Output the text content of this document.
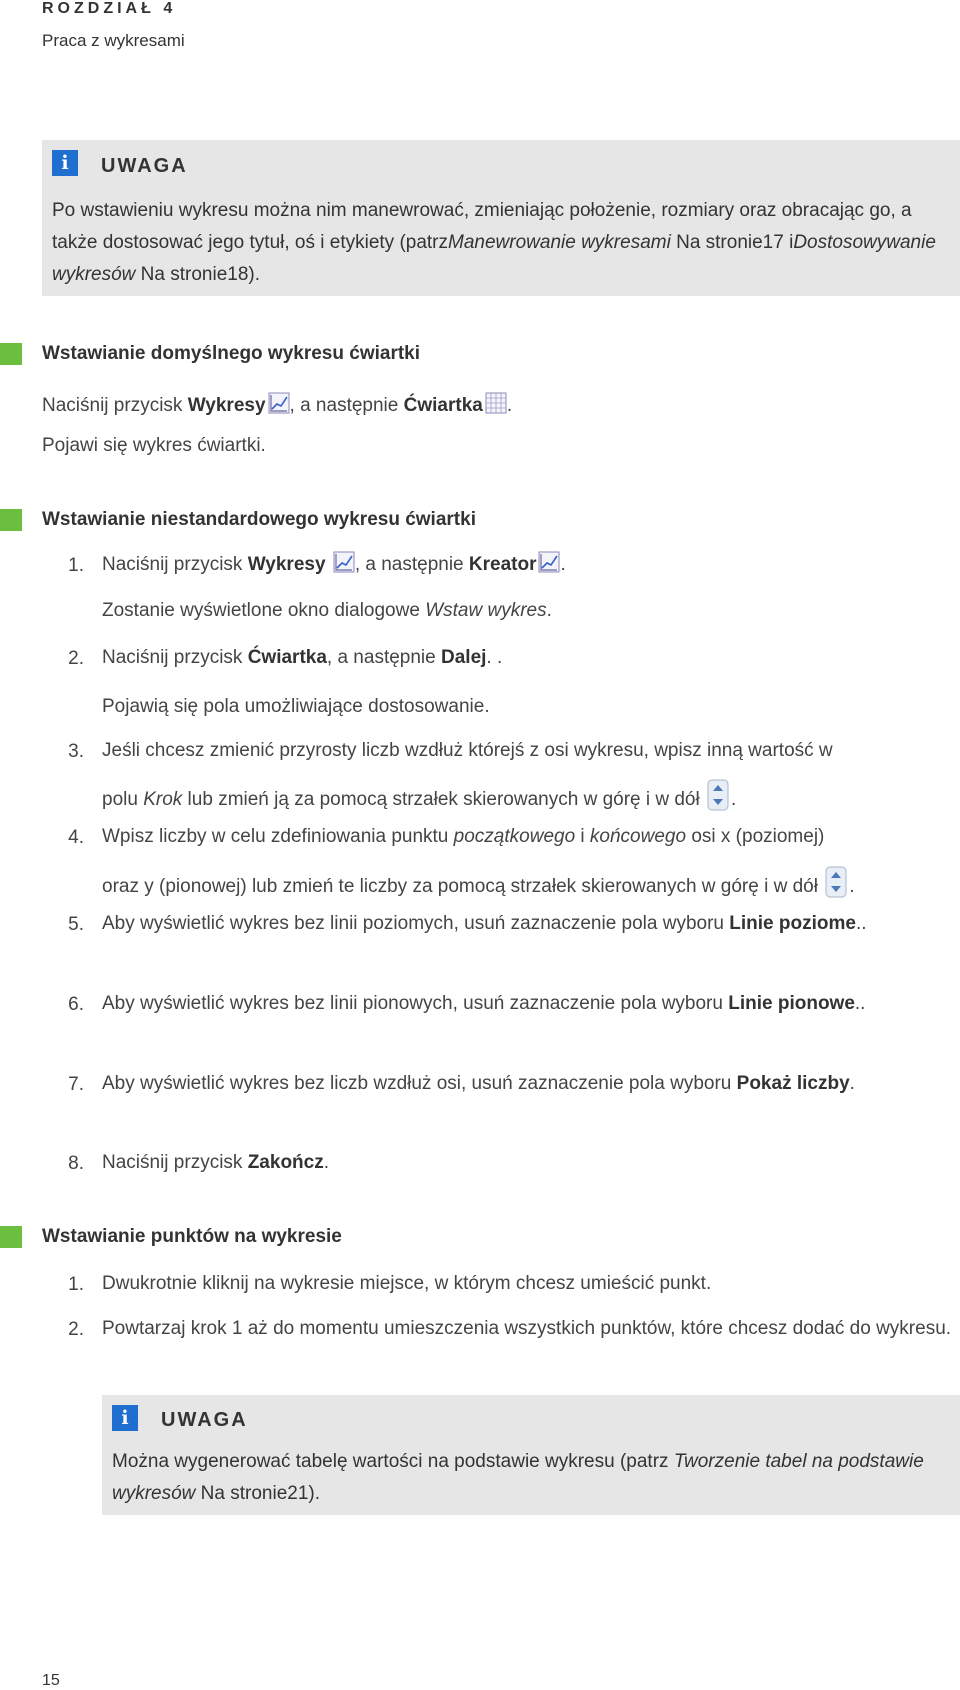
ROZDZIAŁ 4
Praca z wykresami
i	UWAGA
Po wstawieniu wykresu można nim manewrować, zmieniając położenie, rozmiary oraz obracając go, a także dostosować jego tytuł, oś i etykiety (patrzManewrowanie wykresami Na stronie17 iDostosowywanie wykresów Na stronie18).
Wstawianie domyślnego wykresu ćwiartki
Naciśnij przycisk Wykresy , a następnie Ćwiartka .
Pojawi się wykres ćwiartki.
Wstawianie niestandardowego wykresu ćwiartki
1. Naciśnij przycisk Wykresy , a następnie Kreator .
Zostanie wyświetlone okno dialogowe Wstaw wykres.
2. Naciśnij przycisk Ćwiartka, a następnie Dalej. .
Pojawią się pola umożliwiające dostosowanie.
3. Jeśli chcesz zmienić przyrosty liczb wzdłuż którejś z osi wykresu, wpisz inną wartość w
polu Krok lub zmień ją za pomocą strzałek skierowanych w górę i w dół .
4. Wpisz liczby w celu zdefiniowania punktu początkowego i końcowego osi x (poziomej)
oraz y (pionowej) lub zmień te liczby za pomocą strzałek skierowanych w górę i w dół .
5. Aby wyświetlić wykres bez linii poziomych, usuń zaznaczenie pola wyboru Linie poziome..
6. Aby wyświetlić wykres bez linii pionowych, usuń zaznaczenie pola wyboru Linie pionowe..
7. Aby wyświetlić wykres bez liczb wzdłuż osi, usuń zaznaczenie pola wyboru Pokaż liczby.
8. Naciśnij przycisk Zakończ.
Wstawianie punktów na wykresie
1. Dwukrotnie kliknij na wykresie miejsce, w którym chcesz umieścić punkt.
2. Powtarzaj krok 1 aż do momentu umieszczenia wszystkich punktów, które chcesz dodać do wykresu.
i	UWAGA
Można wygenerować tabelę wartości na podstawie wykresu (patrz Tworzenie tabel na podstawie wykresów Na stronie21).
15
